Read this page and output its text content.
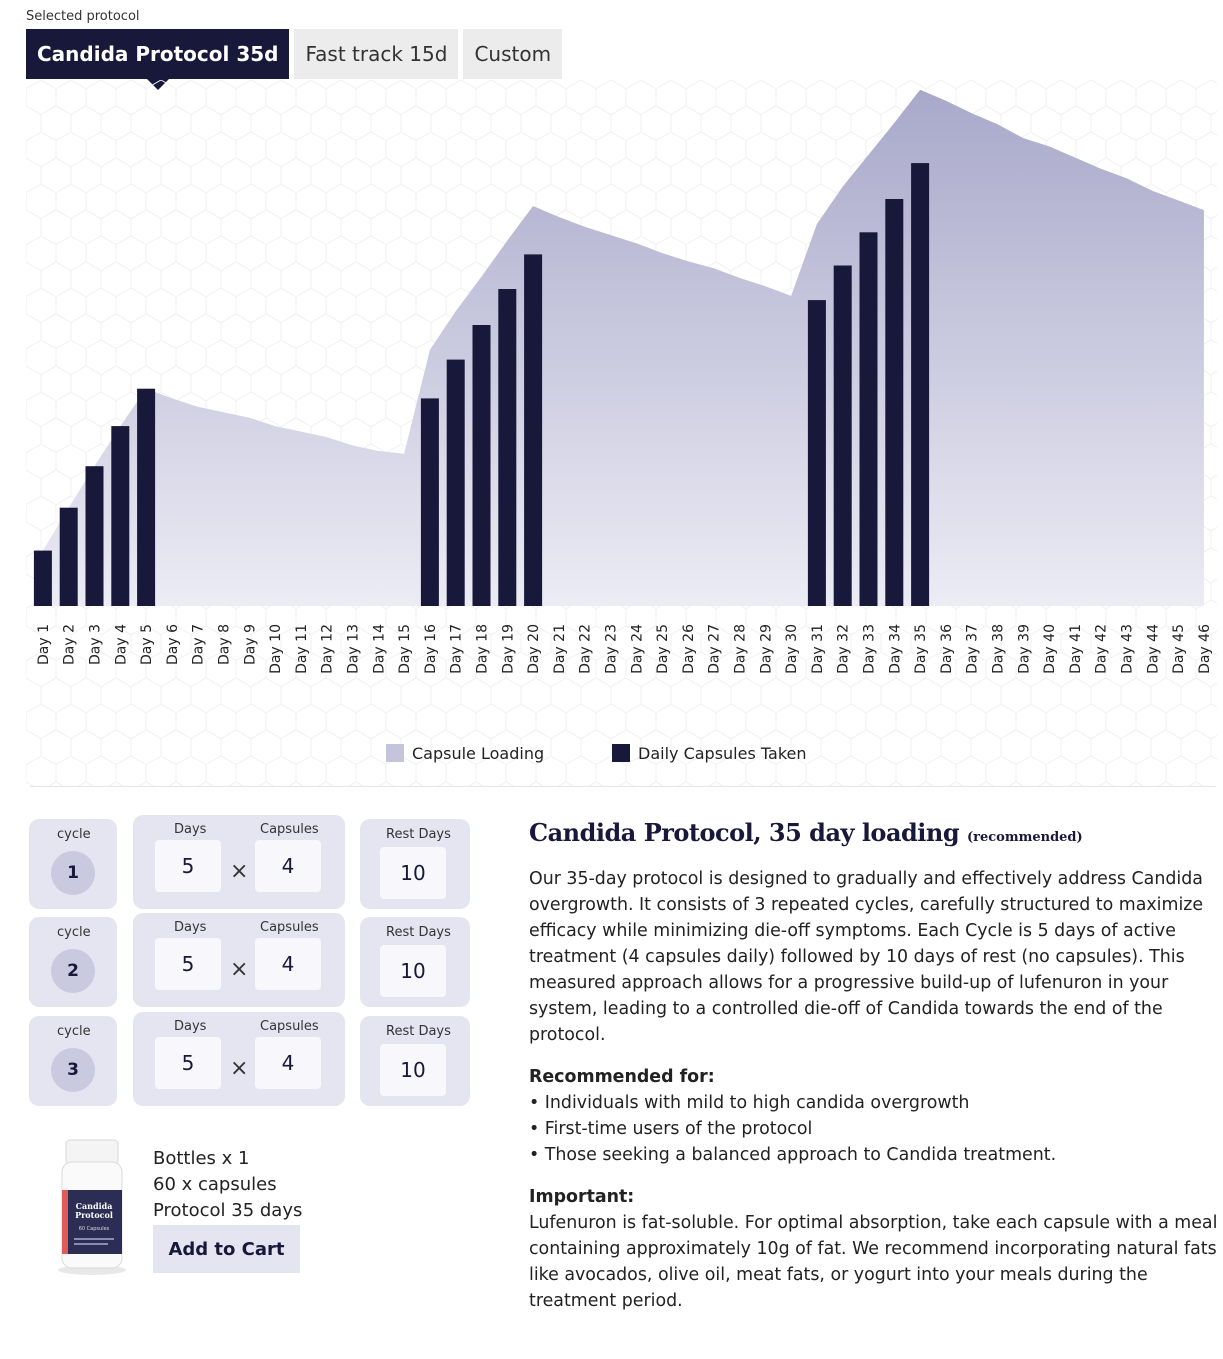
Selected protocol
Candida Protocol 35d	Fast track 15d	Custom
Day 1 Day 2 Day 3 Day 4 Day 5 Day 6 Day 7 Day 8 Day 9 Day 10 Day 11 Day 12 Day 13 Day 14 Day 15 Day 16 Day 17 Day 18 Day 19 Day 20 Day 21 Day 22 Day 23 Day 24 Day 25 Day 26 Day 27 Day 28 Day 29 Day 30 Day 31 Day 32 Day 33 Day 34 Day 35 Day 36 Day 37 Day 38 Day 39 Day 40 Day 41 Day 42 Day 43 Day 44 Day 45 Day 46
Capsule Loading	Daily Capsules Taken
cycle
1
Days	Capsules
5	×	4
Rest Days
10
cycle
2
Days	Capsules
5	×	4
Rest Days
10
cycle
3
Days	Capsules
5	×	4
Rest Days
10
Candida
Protocol
60 Capsules
Bottles x 1
60 x capsules
Protocol 35 days
Add to Cart
Candida Protocol, 35 day loading (recommended)

Our 35-day protocol is designed to gradually and effectively address Candida overgrowth. It consists of 3 repeated cycles, carefully structured to maximize efficacy while minimizing die-off symptoms. Each Cycle is 5 days of active treatment (4 capsules daily) followed by 10 days of rest (no capsules). This measured approach allows for a progressive build-up of lufenuron in your system, leading to a controlled die-off of Candida towards the end of the protocol.

Recommended for:
• Individuals with mild to high candida overgrowth
• First-time users of the protocol
• Those seeking a balanced approach to Candida treatment.
Important:
Lufenuron is fat-soluble. For optimal absorption, take each capsule with a meal containing approximately 10g of fat. We recommend incorporating natural fats like avocados, olive oil, meat fats, or yogurt into your meals during the treatment period.
